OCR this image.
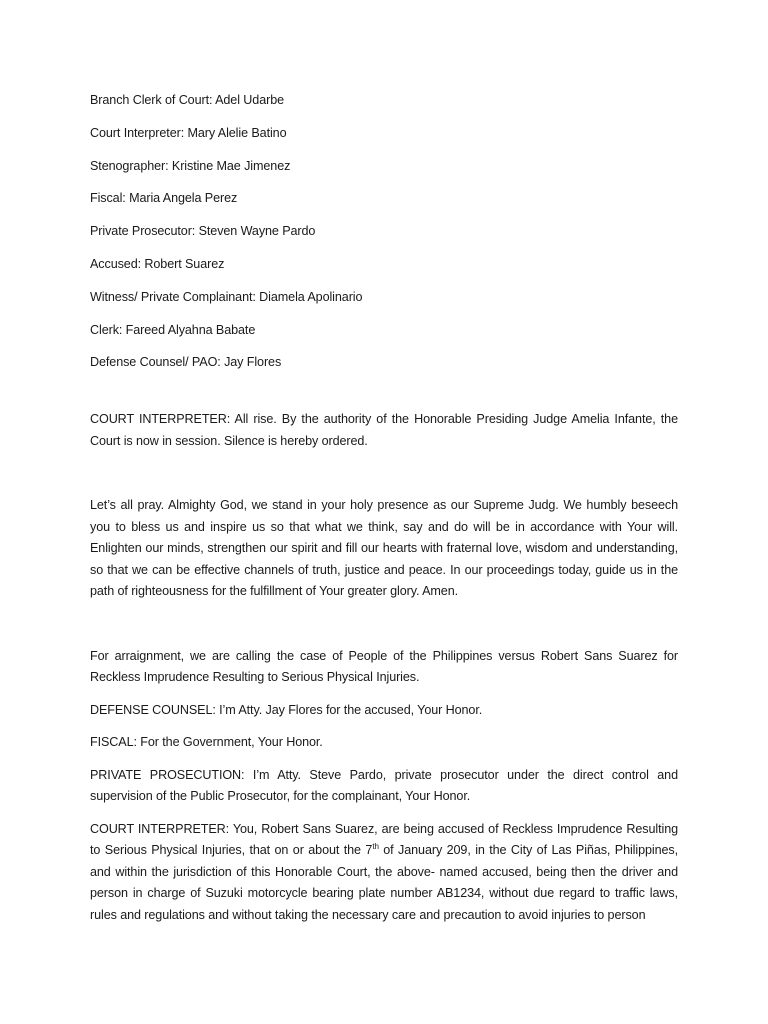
Branch Clerk of Court: Adel Udarbe

Court Interpreter: Mary Alelie Batino

Stenographer: Kristine Mae Jimenez

Fiscal: Maria Angela Perez

Private Prosecutor: Steven Wayne Pardo

Accused: Robert Suarez

Witness/ Private Complainant: Diamela Apolinario

Clerk: Fareed Alyahna Babate

Defense Counsel/ PAO: Jay Flores

COURT INTERPRETER: All rise. By the authority of the Honorable Presiding Judge Amelia Infante, the Court is now in session. Silence is hereby ordered.

Let’s all pray. Almighty God, we stand in your holy presence as our Supreme Judg. We humbly beseech you to bless us and inspire us so that what we think, say and do will be in accordance with Your will. Enlighten our minds, strengthen our spirit and fill our hearts with fraternal love, wisdom and understanding, so that we can be effective channels of truth, justice and peace. In our proceedings today, guide us in the path of righteousness for the fulfillment of Your greater glory. Amen.

For arraignment, we are calling the case of People of the Philippines versus Robert Sans Suarez for Reckless Imprudence Resulting to Serious Physical Injuries.

DEFENSE COUNSEL: I’m Atty. Jay Flores for the accused, Your Honor.

FISCAL: For the Government, Your Honor.

PRIVATE PROSECUTION: I’m Atty. Steve Pardo, private prosecutor under the direct control and supervision of the Public Prosecutor, for the complainant, Your Honor.

COURT INTERPRETER: You, Robert Sans Suarez, are being accused of Reckless Imprudence Resulting to Serious Physical Injuries, that on or about the 7th of January 209, in the City of Las Piñas, Philippines, and within the jurisdiction of this Honorable Court, the above- named accused, being then the driver and person in charge of Suzuki motorcycle bearing plate number AB1234, without due regard to traffic laws, rules and regulations and without taking the necessary care and precaution to avoid injuries to person
